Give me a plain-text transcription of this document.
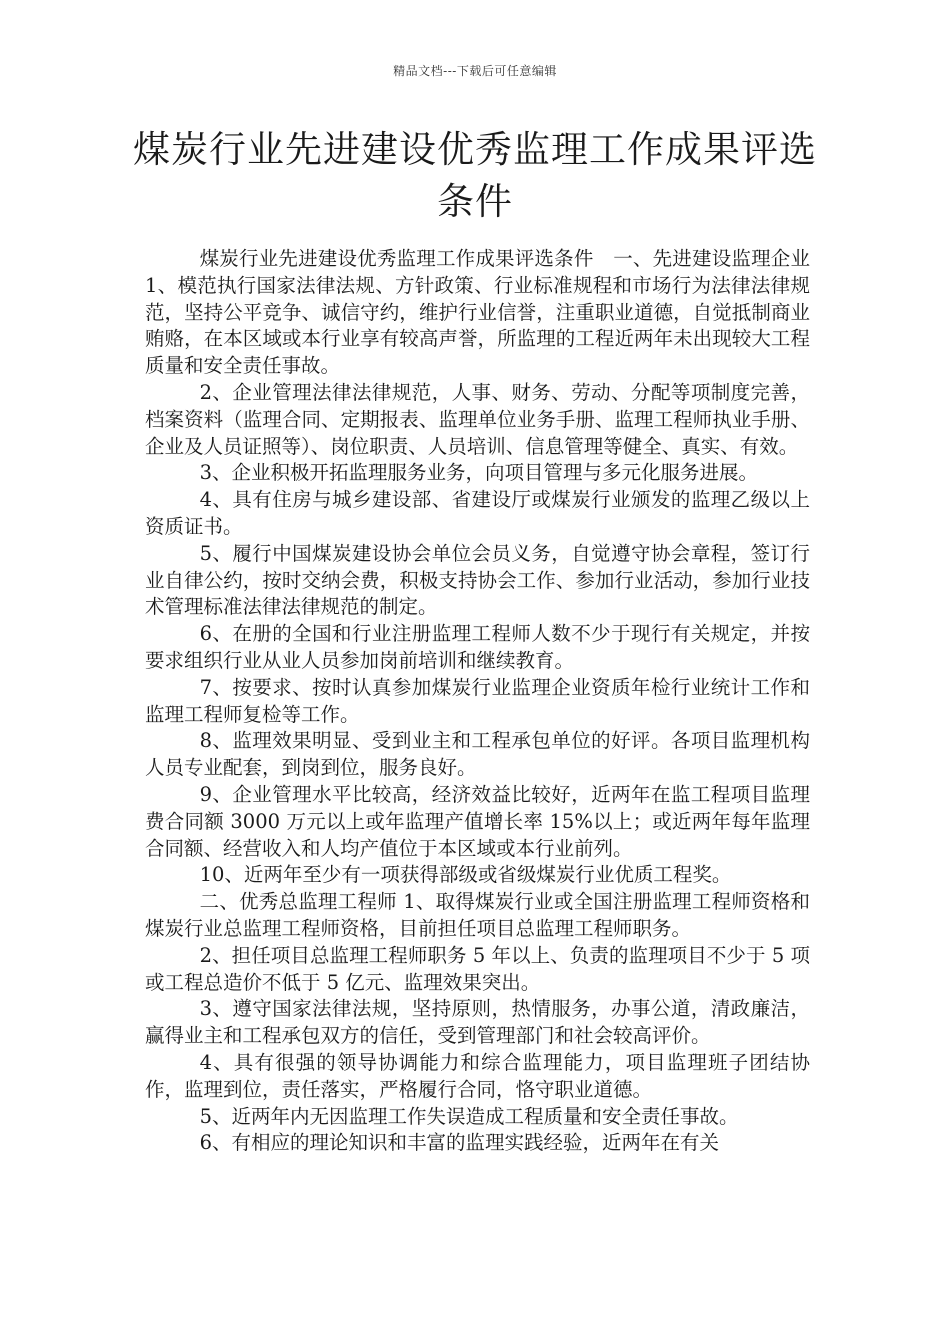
精品文档---下载后可任意编辑
煤炭行业先进建设优秀监理工作成果评选条件

煤炭行业先进建设优秀监理工作成果评选条件　一、先进建设监理企业 1、模范执行国家法律法规、方针政策、行业标准规程和市场行为法律法律规范，坚持公平竞争、诚信守约，维护行业信誉，注重职业道德，自觉抵制商业贿赂，在本区域或本行业享有较高声誉，所监理的工程近两年未出现较大工程质量和安全责任事故。

2、企业管理法律法律规范，人事、财务、劳动、分配等项制度完善，档案资料（监理合同、定期报表、监理单位业务手册、监理工程师执业手册、企业及人员证照等）、岗位职责、人员培训、信息管理等健全、真实、有效。

3、企业积极开拓监理服务业务，向项目管理与多元化服务进展。

4、具有住房与城乡建设部、省建设厅或煤炭行业颁发的监理乙级以上资质证书。

5、履行中国煤炭建设协会单位会员义务，自觉遵守协会章程，签订行业自律公约，按时交纳会费，积极支持协会工作、参加行业活动，参加行业技术管理标准法律法律规范的制定。

6、在册的全国和行业注册监理工程师人数不少于现行有关规定，并按要求组织行业从业人员参加岗前培训和继续教育。

7、按要求、按时认真参加煤炭行业监理企业资质年检行业统计工作和监理工程师复检等工作。

8、监理效果明显、受到业主和工程承包单位的好评。各项目监理机构人员专业配套，到岗到位，服务良好。

9、企业管理水平比较高，经济效益比较好，近两年在监工程项目监理费合同额 3000 万元以上或年监理产值增长率 15%以上；或近两年每年监理合同额、经营收入和人均产值位于本区域或本行业前列。

10、近两年至少有一项获得部级或省级煤炭行业优质工程奖。

二、优秀总监理工程师 1、取得煤炭行业或全国注册监理工程师资格和煤炭行业总监理工程师资格，目前担任项目总监理工程师职务。

2、担任项目总监理工程师职务 5 年以上、负责的监理项目不少于 5 项或工程总造价不低于 5 亿元、监理效果突出。

3、遵守国家法律法规，坚持原则，热情服务，办事公道，清政廉洁，赢得业主和工程承包双方的信任，受到管理部门和社会较高评价。

4、具有很强的领导协调能力和综合监理能力，项目监理班子团结协作，监理到位，责任落实，严格履行合同，恪守职业道德。

5、近两年内无因监理工作失误造成工程质量和安全责任事故。

6、有相应的理论知识和丰富的监理实践经验，近两年在有关
